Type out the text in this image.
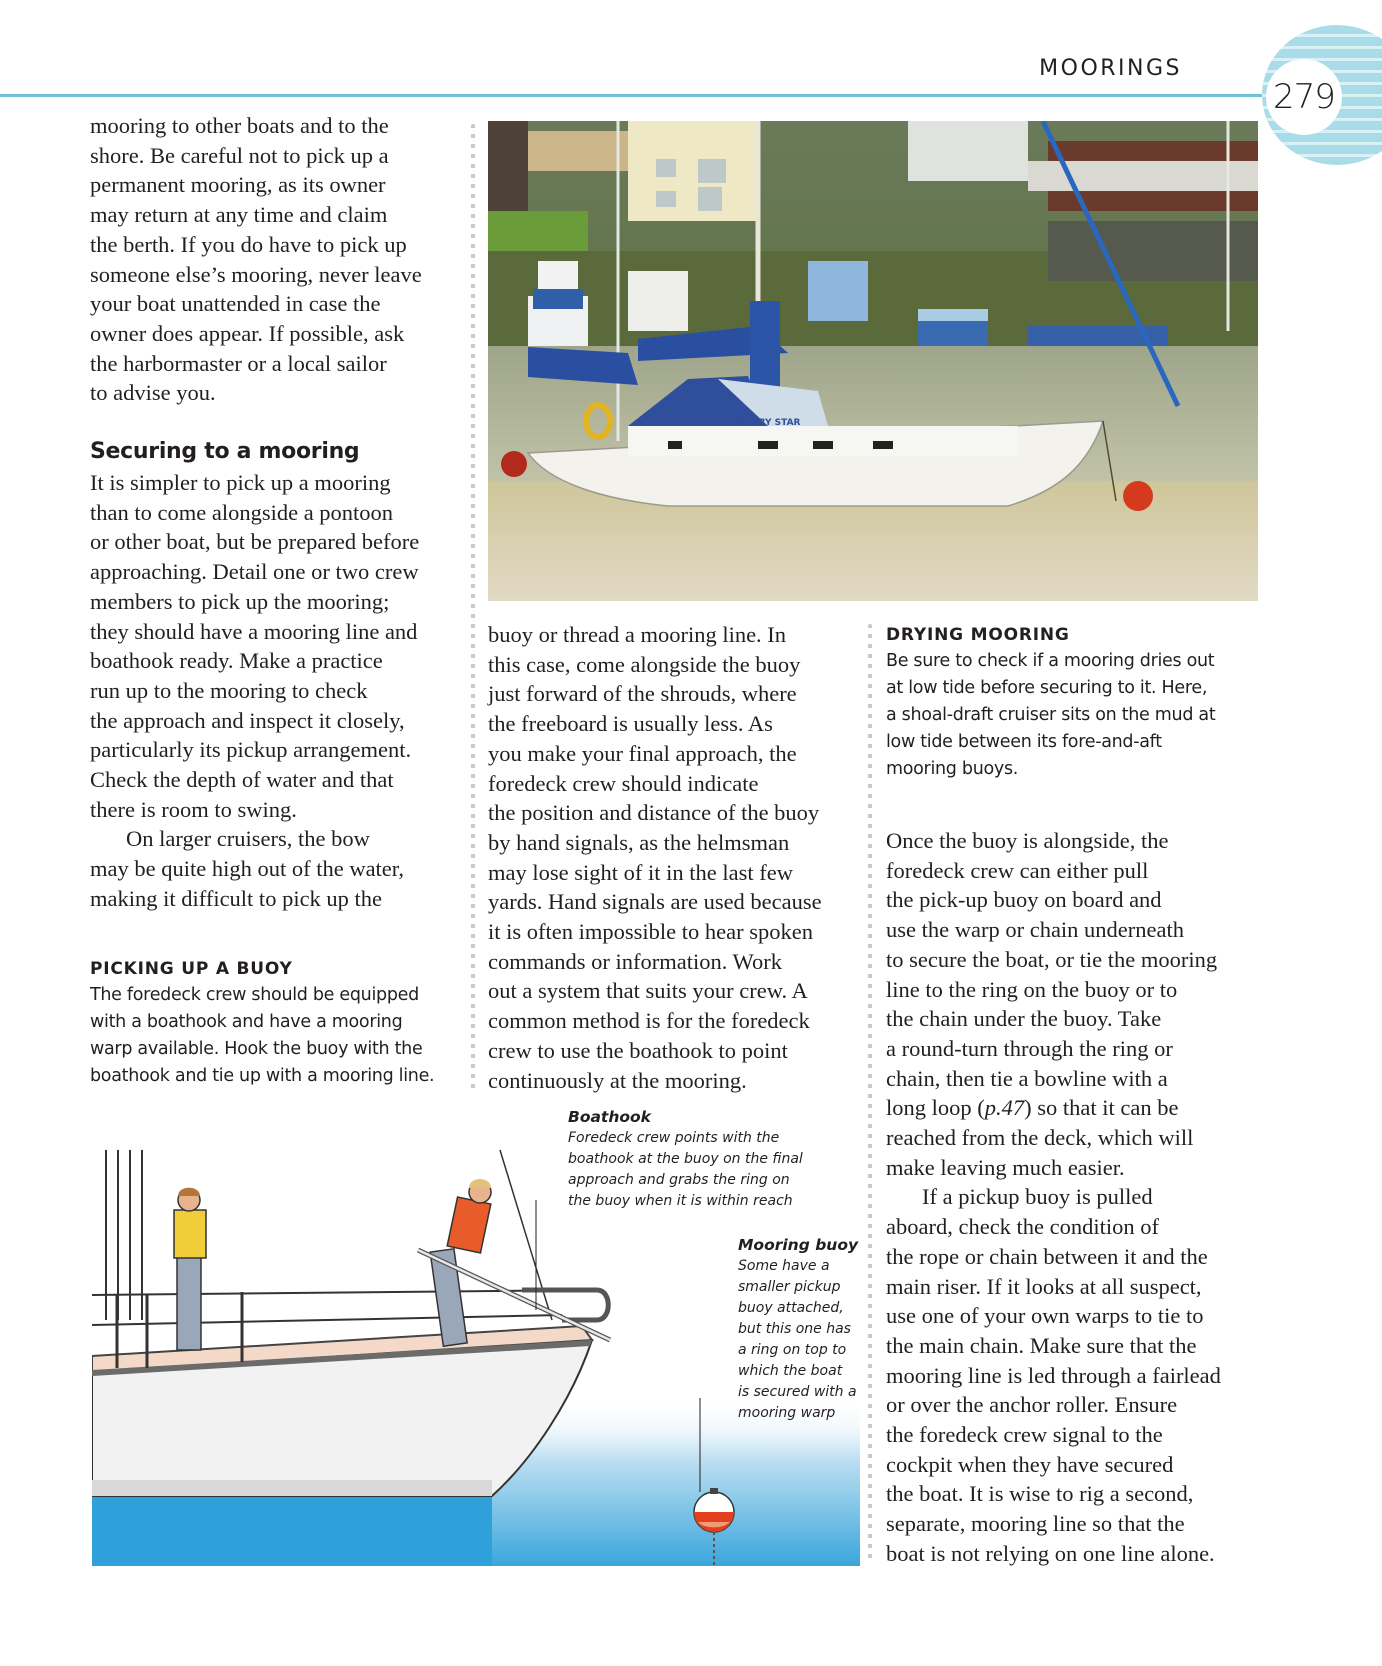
MOORINGS
279
mooring to other boats and to the
shore. Be careful not to pick up a
permanent mooring, as its owner
may return at any time and claim
the berth. If you do have to pick up
someone else’s mooring, never leave
your boat unattended in case the
owner does appear. If possible, ask
the harbormaster or a local sailor
to advise you.
Securing to a mooring
It is simpler to pick up a mooring
than to come alongside a pontoon
or other boat, but be prepared before
approaching. Detail one or two crew
members to pick up the mooring;
they should have a mooring line and
boathook ready. Make a practice
run up to the mooring to check
the approach and inspect it closely,
particularly its pickup arrangement.
Check the depth of water and that
there is room to swing.
On larger cruisers, the bow
may be quite high out of the water,
making it difficult to pick up the
PICKING UP A BUOY
The foredeck crew should be equipped
with a boathook and have a mooring
warp available. Hook the buoy with the
boathook and tie up with a mooring line.
BARBARY STAR
buoy or thread a mooring line. In
this case, come alongside the buoy
just forward of the shrouds, where
the freeboard is usually less. As
you make your final approach, the
foredeck crew should indicate
the position and distance of the buoy
by hand signals, as the helmsman
may lose sight of it in the last few
yards. Hand signals are used because
it is often impossible to hear spoken
commands or information. Work
out a system that suits your crew. A
common method is for the foredeck
crew to use the boathook to point
continuously at the mooring.
DRYING MOORING
Be sure to check if a mooring dries out
at low tide before securing to it. Here,
a shoal-draft cruiser sits on the mud at
low tide between its fore-and-aft
mooring buoys.
Once the buoy is alongside, the
foredeck crew can either pull
the pick-up buoy on board and
use the warp or chain underneath
to secure the boat, or tie the mooring
line to the ring on the buoy or to
the chain under the buoy. Take
a round-turn through the ring or
chain, then tie a bowline with a
long loop (p.47) so that it can be
reached from the deck, which will
make leaving much easier.
If a pickup buoy is pulled
aboard, check the condition of
the rope or chain between it and the
main riser. If it looks at all suspect,
use one of your own warps to tie to
the main chain. Make sure that the
mooring line is led through a fairlead
or over the anchor roller. Ensure
the foredeck crew signal to the
cockpit when they have secured
the boat. It is wise to rig a second,
separate, mooring line so that the
boat is not relying on one line alone.
Boathook
Foredeck crew points with the
boathook at the buoy on the final
approach and grabs the ring on
the buoy when it is within reach
Mooring buoy
Some have a
smaller pickup
buoy attached,
but this one has
a ring on top to
which the boat
is secured with a
mooring warp
